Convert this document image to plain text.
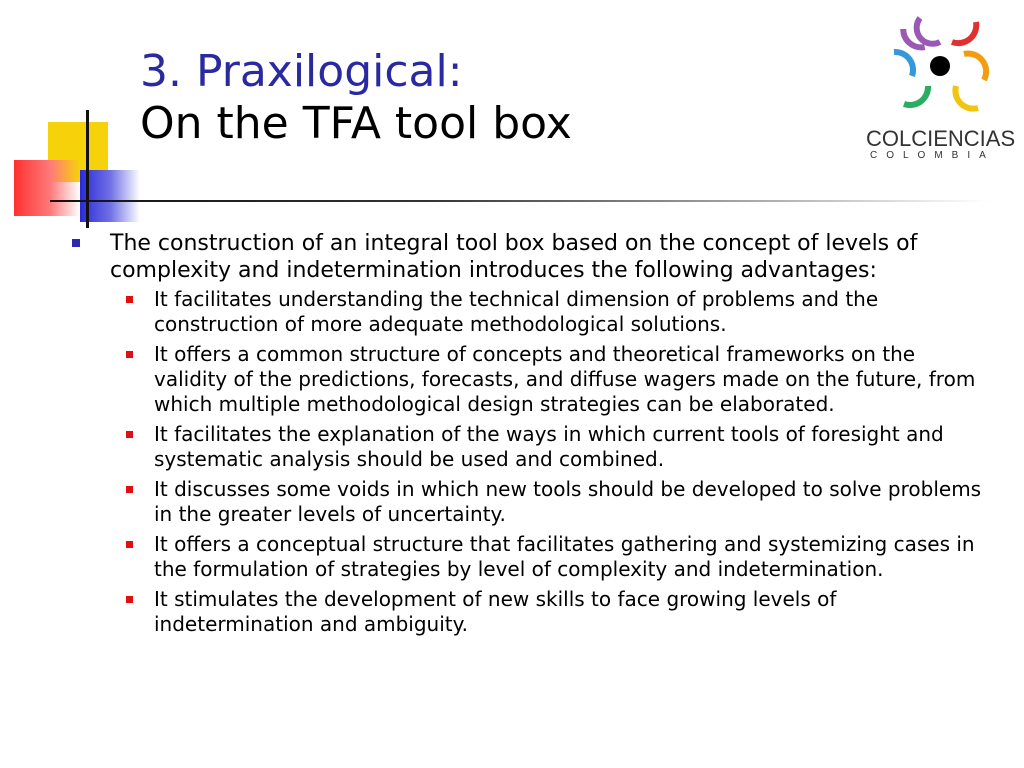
3. Praxilogical:
On the TFA tool box	COLCIENCIAS
COLOMBIA
The construction of an integral tool box based on the concept of levels of complexity and indetermination introduces the following advantages:
It facilitates understanding the technical dimension of problems and the construction of more adequate methodological solutions.
It offers a common structure of concepts and theoretical frameworks on the validity of the predictions, forecasts, and diffuse wagers made on the future, from which multiple methodological design strategies can be elaborated.
It facilitates the explanation of the ways in which current tools of foresight and systematic analysis should be used and combined.
It discusses some voids in which new tools should be developed to solve problems in the greater levels of uncertainty.
It offers a conceptual structure that facilitates gathering and systemizing cases in the formulation of strategies by level of complexity and indetermination.
It stimulates the development of new skills to face growing levels of indetermination and ambiguity.
